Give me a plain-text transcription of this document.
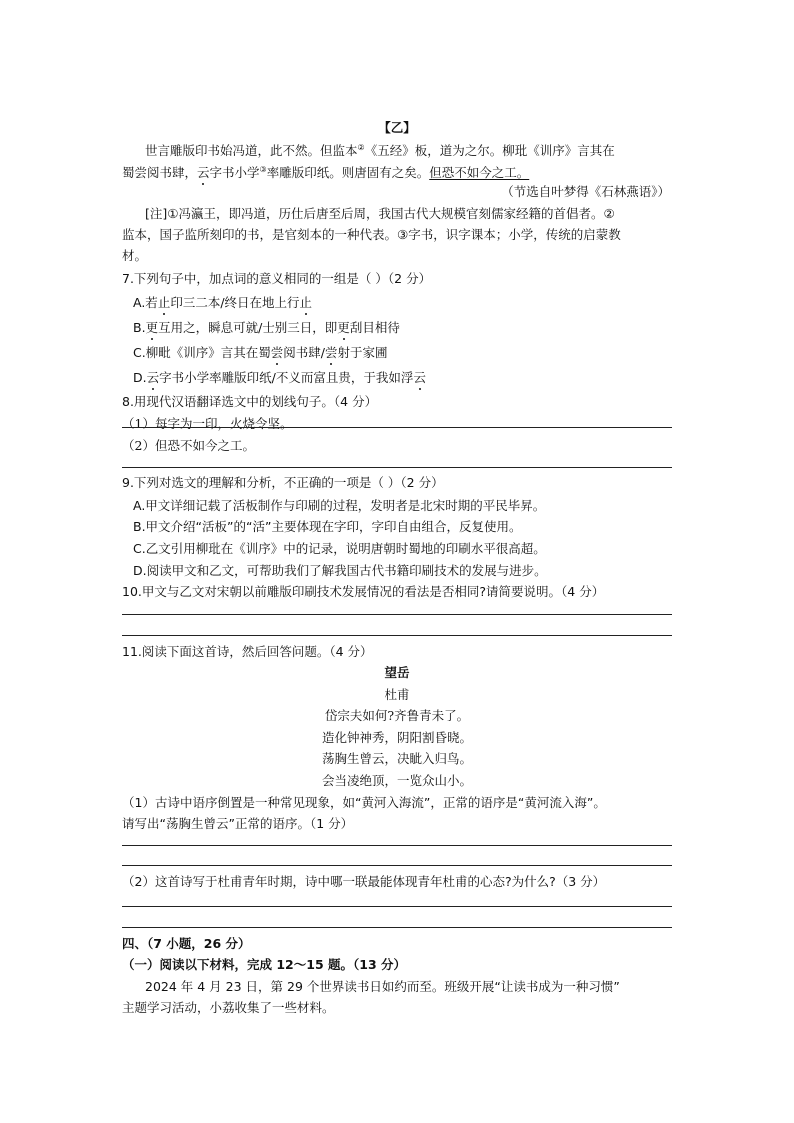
【乙】
世言雕版印书始冯道，此不然。但监本②《五经》板，道为之尔。柳玭《训序》言其在
蜀尝阅书肆，云字书小学③率雕版印纸。则唐固有之矣。但恐不如今之工。
（节选自叶梦得《石林燕语》）
[注]①冯瀛王，即冯道，历仕后唐至后周，我国古代大规模官刻儒家经籍的首倡者。②
监本，国子监所刻印的书，是官刻本的一种代表。③字书，识字课本；小学，传统的启蒙教
材。
7.下列句子中，加点词的意义相同的一组是（ ）（2 分）
A.若止印三二本/终日在地上行止
B.更互用之，瞬息可就/士别三日，即更刮目相待
C.柳毗《训序》言其在蜀尝阅书肆/尝射于家圃
D.云字书小学率雕版印纸/不义而富且贵，于我如浮云
8.用现代汉语翻译选文中的划线句子。（4 分）
（1）每字为一印，火烧令坚。
（2）但恐不如今之工。
9.下列对选文的理解和分析，不正确的一项是（ ）（2 分）
A.甲文详细记载了活板制作与印刷的过程，发明者是北宋时期的平民毕昇。
B.甲文介绍“活板”的“活”主要体现在字印，字印自由组合，反复使用。
C.乙文引用柳玭在《训序》中的记录，说明唐朝时蜀地的印刷水平很高超。
D.阅读甲文和乙文，可帮助我们了解我国古代书籍印刷技术的发展与进步。
10.甲文与乙文对宋朝以前雕版印刷技术发展情况的看法是否相同?请简要说明。（4 分）
11.阅读下面这首诗，然后回答问题。（4 分）
望岳
杜甫
岱宗夫如何?齐鲁青未了。
造化钟神秀，阴阳割昏晓。
荡胸生曾云，决眦入归鸟。
会当凌绝顶，一览众山小。
（1）古诗中语序倒置是一种常见现象，如“黄河入海流”，正常的语序是“黄河流入海”。
请写出“荡胸生曾云”正常的语序。（1 分）
（2）这首诗写于杜甫青年时期，诗中哪一联最能体现青年杜甫的心态?为什么?（3 分）
四、（7 小题，26 分）
（一）阅读以下材料，完成 12～15 题。（13 分）
2024 年 4 月 23 日，第 29 个世界读书日如约而至。班级开展“让读书成为一种习惯”
主题学习活动，小荔收集了一些材料。
